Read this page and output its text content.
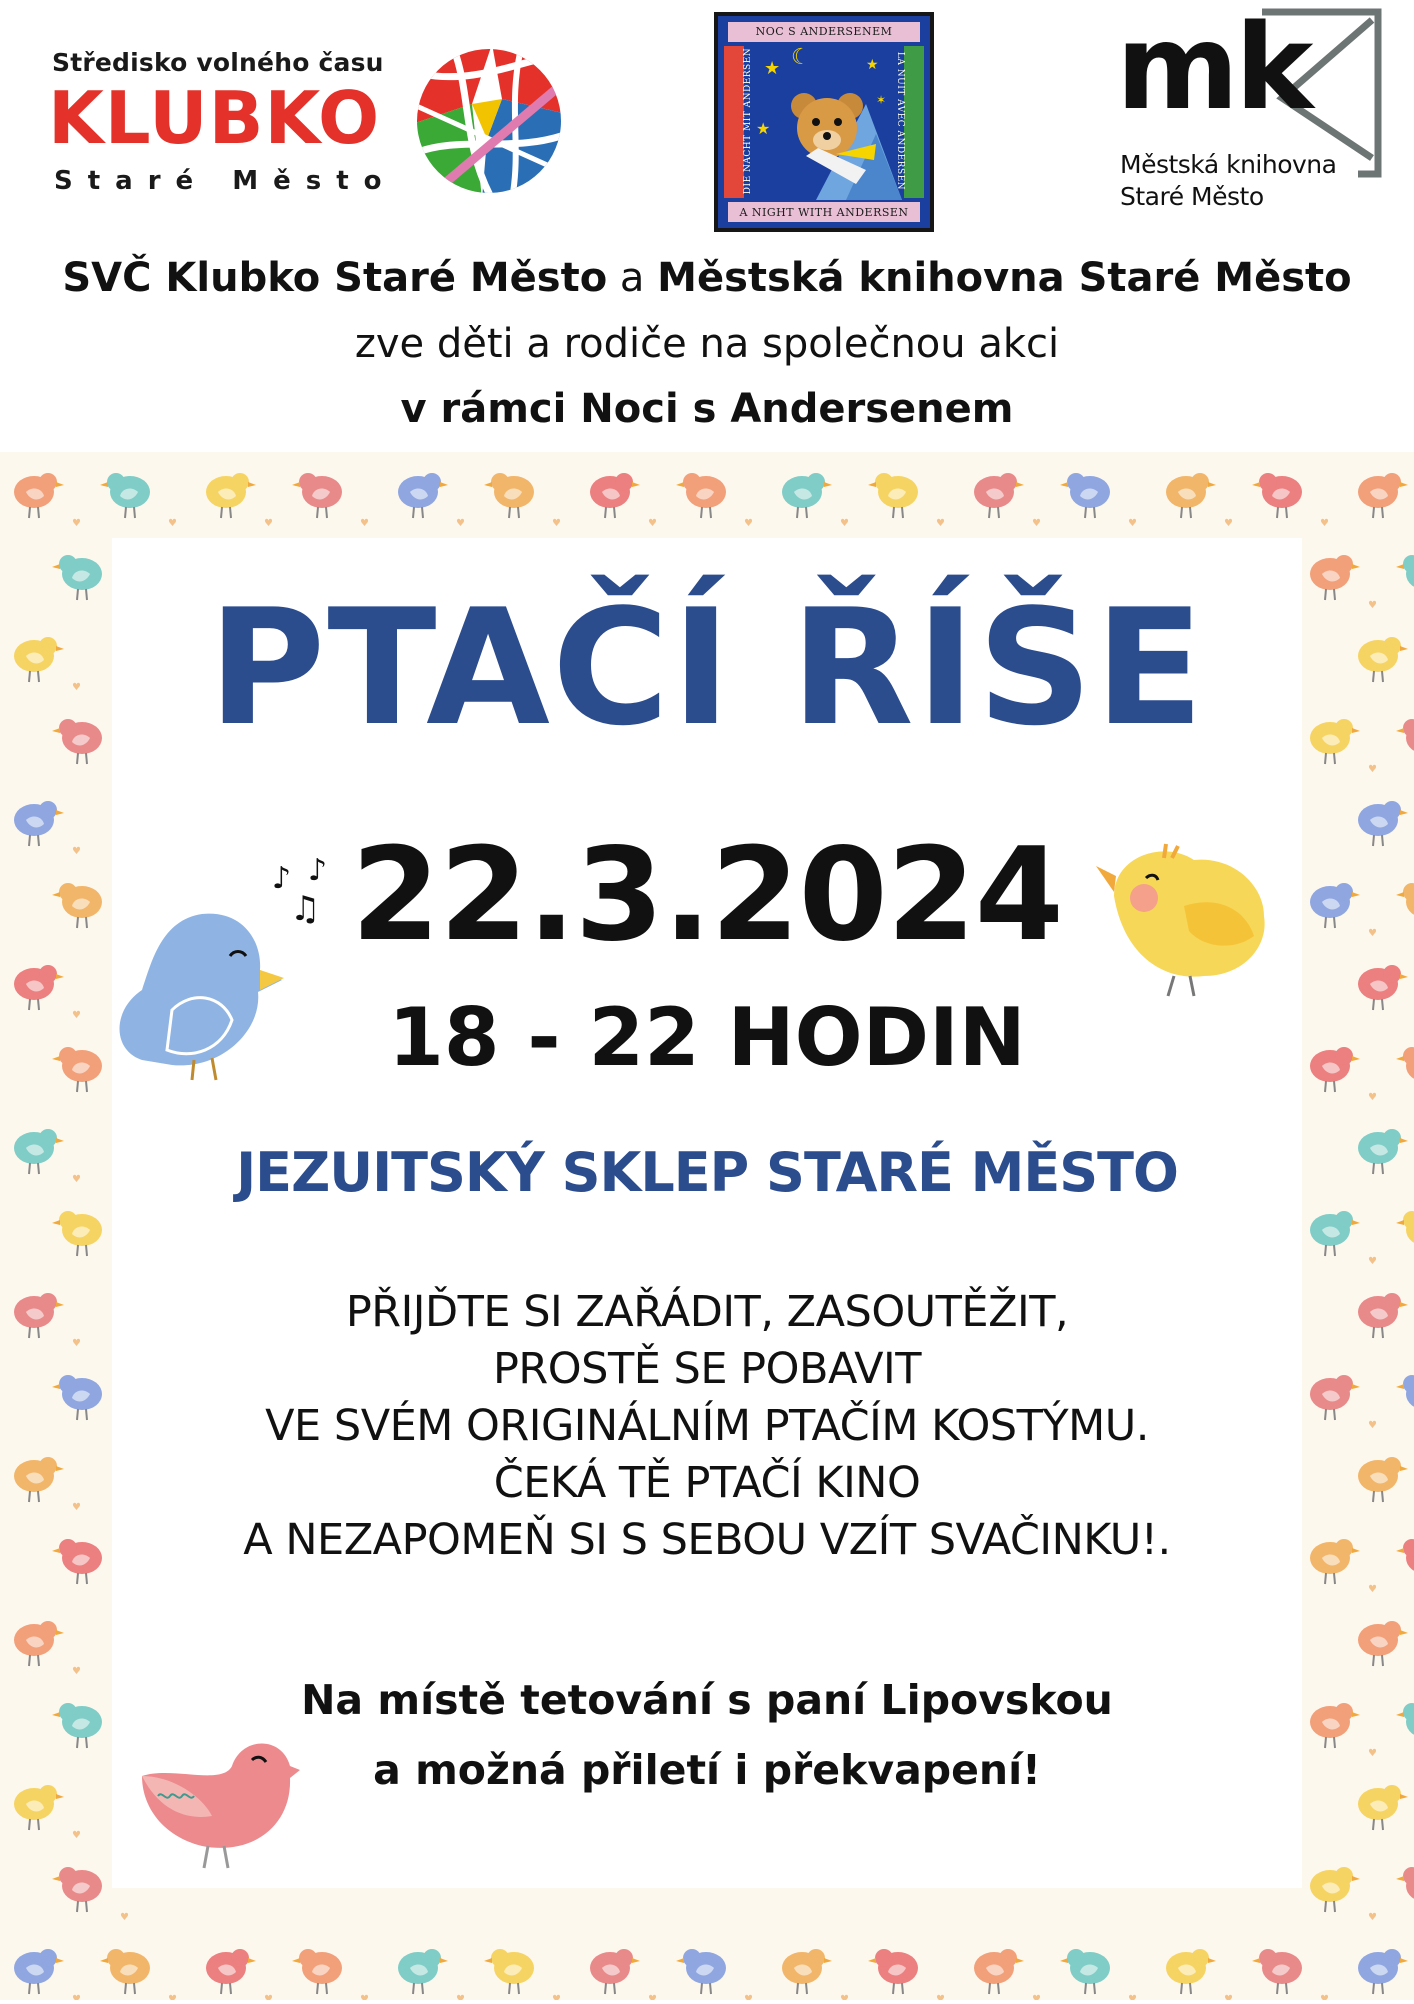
Středisko volného času
KLUBKO
Staré Město
NOC S ANDERSENEM
A NIGHT WITH ANDERSEN
DIE NACHT MIT ANDERSEN	LA NUIT AVEC ANDERSEN
★	★
★
✶
☾	mk
Městská knihovna
Staré Město
SVČ Klubko Staré Město a Městská knihovna Staré Město
zve děti a rodiče na společnou akci
v rámci Noci s Andersenem
♥	♥	♥	♥	♥	♥	♥	♥	♥	♥	♥	♥	♥	♥
♥
♥
♥
♥
♥
♥
♥
♥
♥
♥
♥
♥
♥
♥
♥
♥
♥	♥
♥	♥	♥	♥	♥	♥	♥	♥	♥	♥	♥	♥	♥	♥
PTAČÍ ŘÍŠE
22.3.2024
18 - 22 HODIN
JEZUITSKÝ SKLEP STARÉ MĚSTO
PŘIJĎTE SI ZAŘÁDIT, ZASOUTĚŽIT,
PROSTĚ SE POBAVIT
VE SVÉM ORIGINÁLNÍM PTAČÍM KOSTÝMU.
ČEKÁ TĚ PTAČÍ KINO
A NEZAPOMEŇ SI S SEBOU VZÍT SVAČINKU!.
Na místě tetování s paní Lipovskou
a možná přiletí i překvapení!
♪ ♪
♫
